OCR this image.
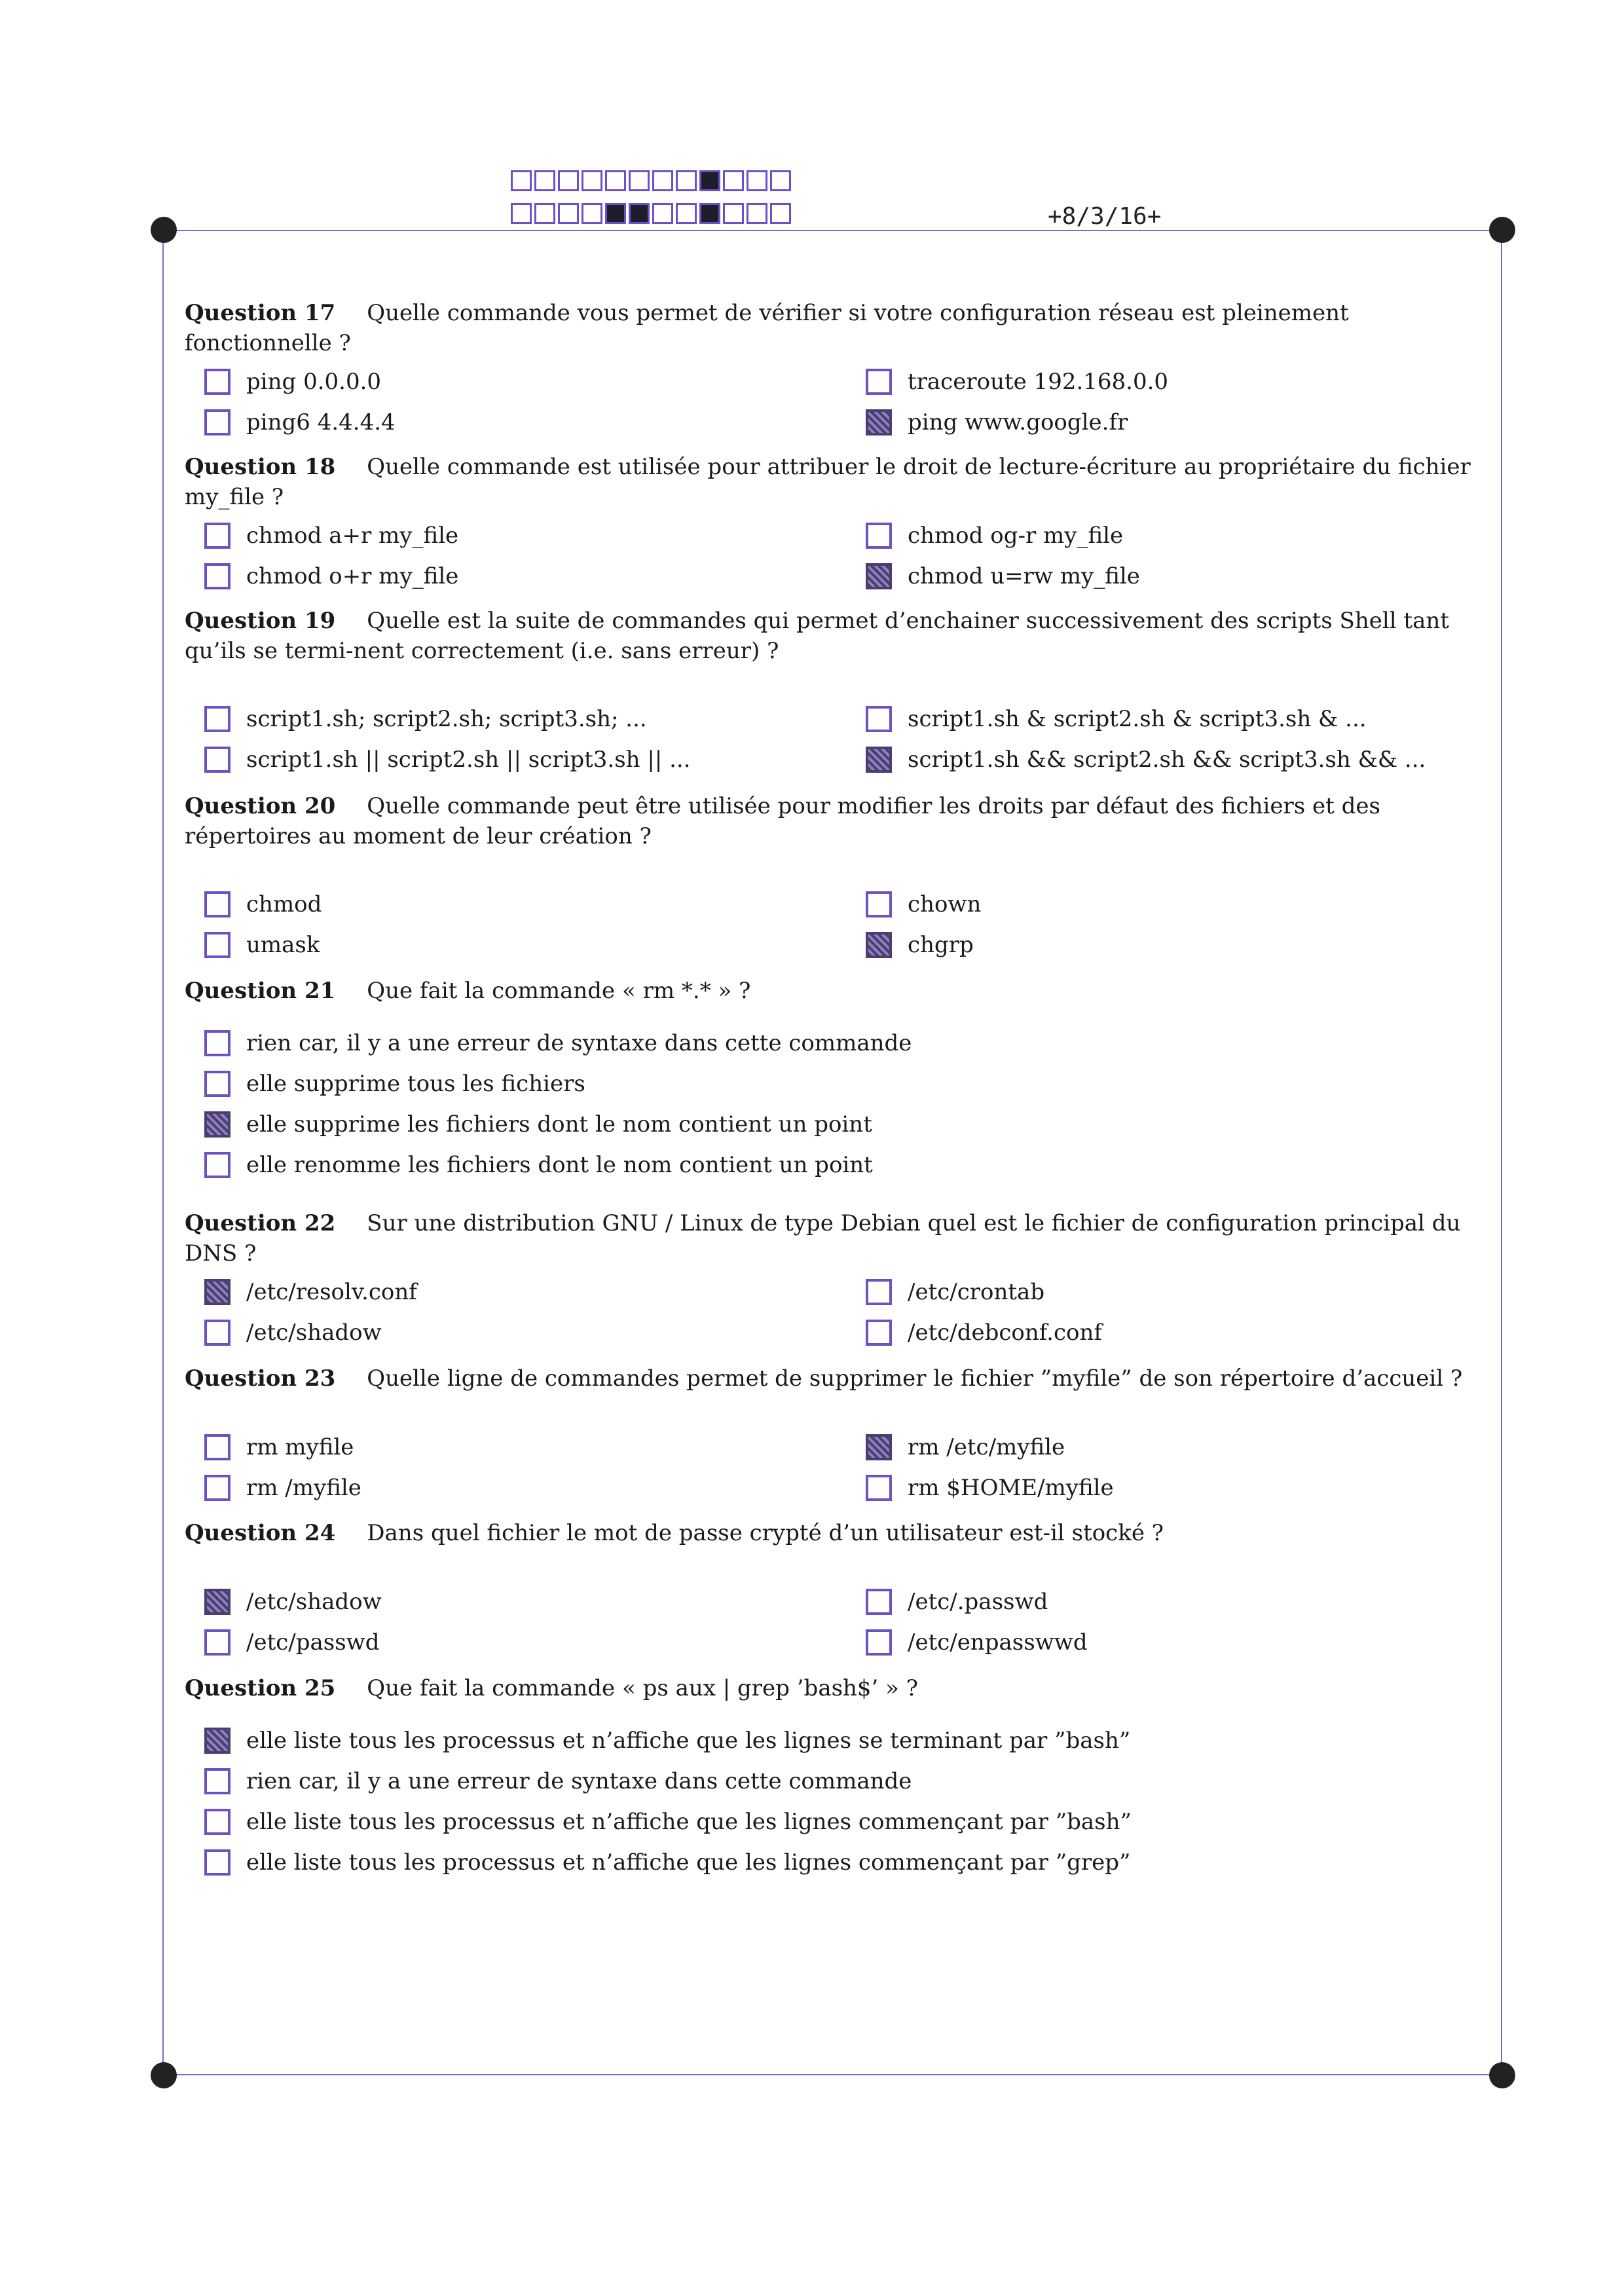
+8/3/16+
Question 17 Quelle commande vous permet de vérifier si votre configuration réseau est pleinement fonctionnelle ?
ping 0.0.0.0	traceroute 192.168.0.0
ping6 4.4.4.4	ping www.google.fr
Question 18 Quelle commande est utilisée pour attribuer le droit de lecture-écriture au propriétaire du fichier my_file ?
chmod a+r my_file	chmod og-r my_file
chmod o+r my_file	chmod u=rw my_file
Question 19 Quelle est la suite de commandes qui permet d’enchainer successivement des scripts Shell tant qu’ils se termi-nent correctement (i.e. sans erreur) ?
script1.sh; script2.sh; script3.sh; ...	script1.sh & script2.sh & script3.sh & ...
script1.sh || script2.sh || script3.sh || ...	script1.sh && script2.sh && script3.sh && ...
Question 20 Quelle commande peut être utilisée pour modifier les droits par défaut des fichiers et des répertoires au moment de leur création ?
chmod	chown
umask	chgrp
Question 21 Que fait la commande « rm *.* » ?
rien car, il y a une erreur de syntaxe dans cette commande
elle supprime tous les fichiers
elle supprime les fichiers dont le nom contient un point
elle renomme les fichiers dont le nom contient un point
Question 22 Sur une distribution GNU / Linux de type Debian quel est le fichier de configuration principal du DNS ?
/etc/resolv.conf	/etc/crontab
/etc/shadow	/etc/debconf.conf
Question 23 Quelle ligne de commandes permet de supprimer le fichier ”myfile” de son répertoire d’accueil ?
rm myfile	rm /etc/myfile
rm /myfile	rm $HOME/myfile
Question 24 Dans quel fichier le mot de passe crypté d’un utilisateur est-il stocké ?
/etc/shadow	/etc/.passwd
/etc/passwd	/etc/enpasswwd
Question 25 Que fait la commande « ps aux | grep ’bash$’ » ?
elle liste tous les processus et n’affiche que les lignes se terminant par ”bash”
rien car, il y a une erreur de syntaxe dans cette commande
elle liste tous les processus et n’affiche que les lignes commençant par ”bash”
elle liste tous les processus et n’affiche que les lignes commençant par ”grep”
